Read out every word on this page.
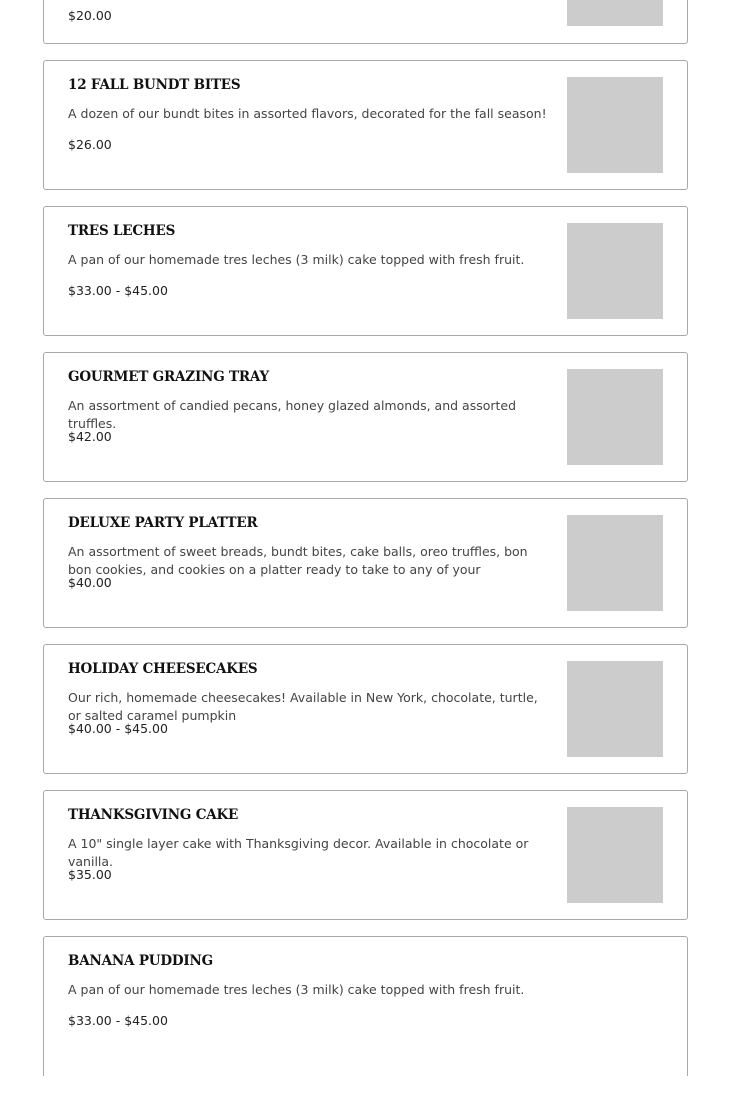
$20.00
12 FALL BUNDT BITES
A dozen of our bundt bites in assorted flavors, decorated for the fall season!
$26.00
TRES LECHES
A pan of our homemade tres leches (3 milk) cake topped with fresh fruit.
$33.00 - $45.00
GOURMET GRAZING TRAY
An assortment of candied pecans, honey glazed almonds, and assorted truffles.
$42.00
DELUXE PARTY PLATTER
An assortment of sweet breads, bundt bites, cake balls, oreo truffles, bon bon cookies, and cookies on a platter ready to take to any of your
$40.00
HOLIDAY CHEESECAKES
Our rich, homemade cheesecakes! Available in New York, chocolate, turtle, or salted caramel pumpkin
$40.00 - $45.00
THANKSGIVING CAKE
A 10" single layer cake with Thanksgiving decor. Available in chocolate or vanilla.
$35.00
BANANA PUDDING
A pan of our homemade tres leches (3 milk) cake topped with fresh fruit.
$33.00 - $45.00
